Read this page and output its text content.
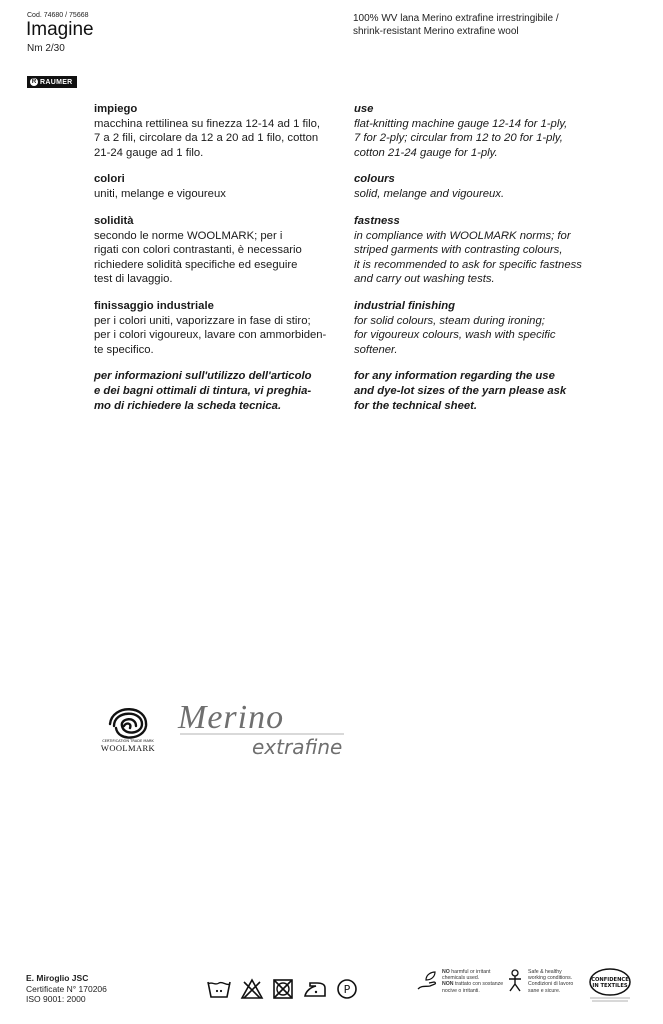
Cod. 74680 / 75668
Imagine
Nm 2/30
100% WV lana Merino extrafine irrestringibile /
shrink-resistant Merino extrafine wool
R RAUMER
impiego
macchina rettilinea su finezza 12-14 ad 1 filo,
7 a 2 fili, circolare da 12 a 20 ad 1 filo, cotton
21-24 gauge ad 1 filo.
colori
uniti, melange e vigoureux
solidità
secondo le norme WOOLMARK; per i
rigati con colori contrastanti, è necessario
richiedere solidità specifiche ed eseguire
test di lavaggio.
finissaggio industriale
per i colori uniti, vaporizzare in fase di stiro;
per i colori vigoureux, lavare con ammorbiden-
te specifico.
per informazioni sull'utilizzo dell'articolo
e dei bagni ottimali di tintura, vi preghia-
mo di richiedere la scheda tecnica.
use
flat-knitting machine gauge 12-14 for 1-ply,
7 for 2-ply; circular from 12 to 20 for 1-ply,
cotton 21-24 gauge for 1-ply.
colours
solid, melange and vigoureux.
fastness
in compliance with WOOLMARK norms; for
striped garments with contrasting colours,
it is recommended to ask for specific fastness
and carry out washing tests.
industrial finishing
for solid colours, steam during ironing;
for vigoureux colours, wash with specific
softener.
for any information regarding the use
and dye-lot sizes of the yarn please ask
for the technical sheet.
CERTIFICATION TRADE MARK
WOOLMARK
Merino
extrafine
E. Miroglio JSC
Certificate N° 170206
ISO 9001: 2000
P
NO harmful or irritant chemicals used.
NON trattato con sostanze nocive o irritanti.
Safe & healthy working conditions. Condizioni di lavoro sane e sicure.
CONFIDENCE
IN TEXTILES
